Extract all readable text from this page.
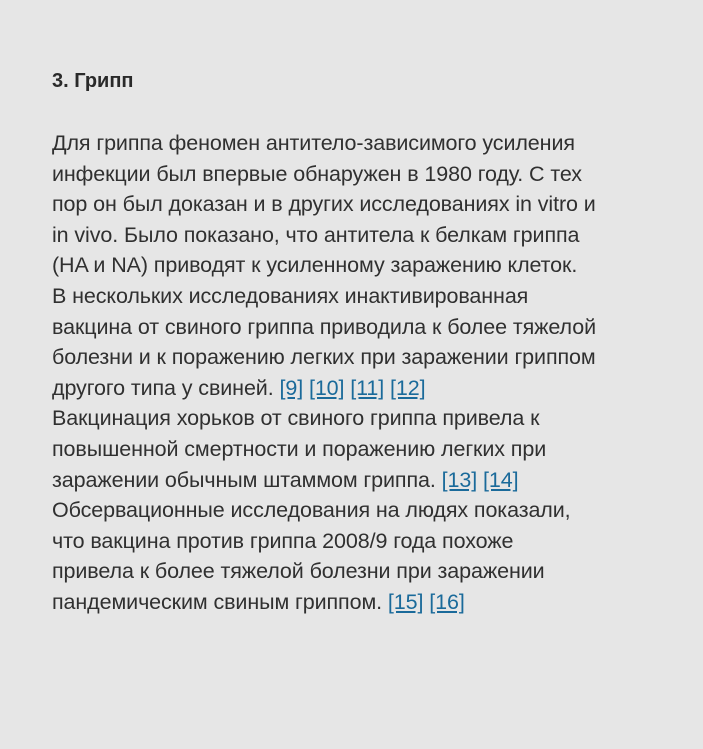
3. Грипп

Для гриппа феномен антитело-зависимого усиления
инфекции был впервые обнаружен в 1980 году. С тех
пор он был доказан и в других исследованиях in vitro и
in vivo. Было показано, что антитела к белкам гриппа
(HA и NA) приводят к усиленному заражению клеток.
В нескольких исследованиях инактивированная
вакцина от свиного гриппа приводила к более тяжелой
болезни и к поражению легких при заражении гриппом
другого типа у свиней. [9] [10] [11] [12]
Вакцинация хорьков от свиного гриппа привела к
повышенной смертности и поражению легких при
заражении обычным штаммом гриппа. [13] [14]
Обсервационные исследования на людях показали,
что вакцина против гриппа 2008/9 года похоже
привела к более тяжелой болезни при заражении
пандемическим свиным гриппом. [15] [16]
